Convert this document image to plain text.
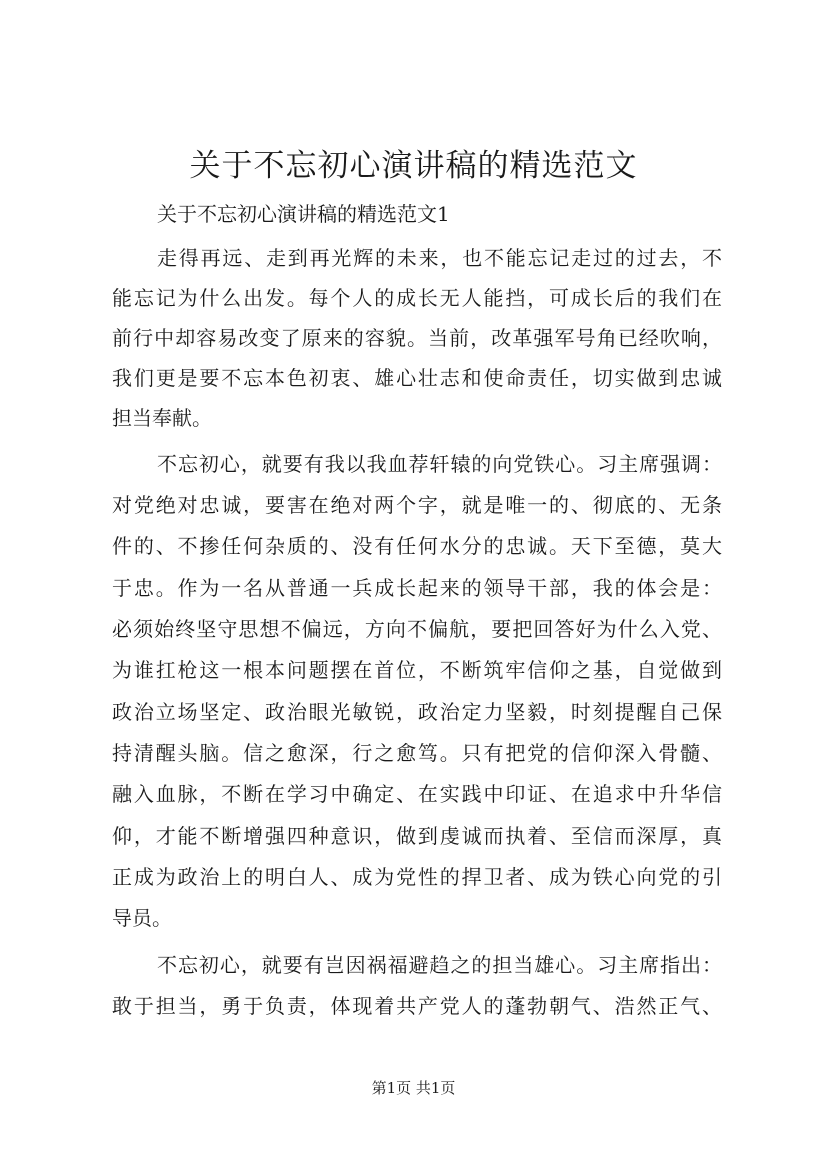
关于不忘初心演讲稿的精选范文
关于不忘初心演讲稿的精选范文1
走得再远、走到再光辉的未来，也不能忘记走过的过去，不
能忘记为什么出发。每个人的成长无人能挡，可成长后的我们在
前行中却容易改变了原来的容貌。当前，改革强军号角已经吹响，
我们更是要不忘本色初衷、雄心壮志和使命责任，切实做到忠诚
担当奉献。
不忘初心，就要有我以我血荐轩辕的向党铁心。习主席强调：
对党绝对忠诚，要害在绝对两个字，就是唯一的、彻底的、无条
件的、不掺任何杂质的、没有任何水分的忠诚。天下至德，莫大
于忠。作为一名从普通一兵成长起来的领导干部，我的体会是：
必须始终坚守思想不偏远，方向不偏航，要把回答好为什么入党、
为谁扛枪这一根本问题摆在首位，不断筑牢信仰之基，自觉做到
政治立场坚定、政治眼光敏锐，政治定力坚毅，时刻提醒自己保
持清醒头脑。信之愈深，行之愈笃。只有把党的信仰深入骨髓、
融入血脉，不断在学习中确定、在实践中印证、在追求中升华信
仰，才能不断增强四种意识，做到虔诚而执着、至信而深厚，真
正成为政治上的明白人、成为党性的捍卫者、成为铁心向党的引
导员。
不忘初心，就要有岂因祸福避趋之的担当雄心。习主席指出：
敢于担当，勇于负责，体现着共产党人的蓬勃朝气、浩然正气、
第1页 共1页
